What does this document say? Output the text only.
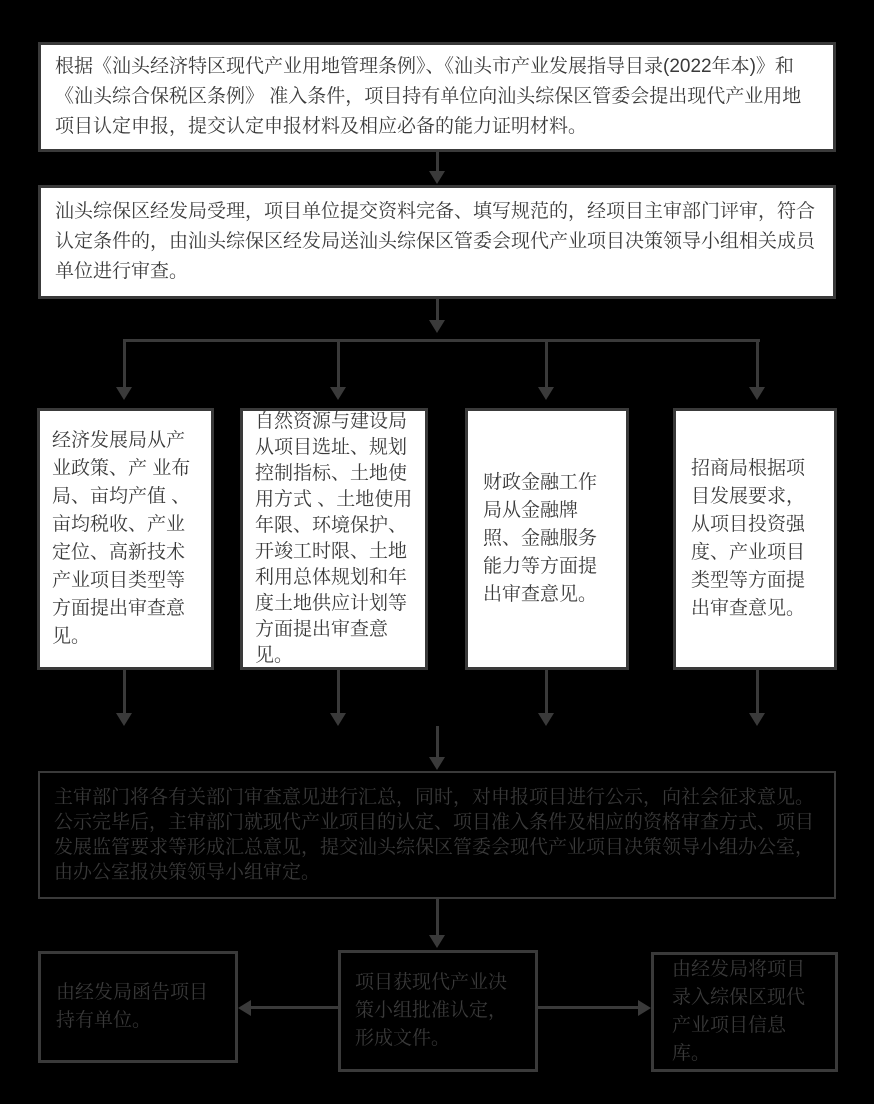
根据《汕头经济特区现代产业用地管理条例》、《汕头市产业发展指导目录(2022年本)》和《汕头综合保税区条例》 准入条件，项目持有单位向汕头综保区管委会提出现代产业用地项目认定申报，提交认定申报材料及相应必备的能力证明材料。

汕头综保区经发局受理，项目单位提交资料完备、填写规范的，经项目主审部门评审，符合认定条件的，由汕头综保区经发局送汕头综保区管委会现代产业项目决策领导小组相关成员单位进行审查。

经济发展局从产业政策、产 业布局、亩均产值 、亩均税收、产业定位、高新技术产业项目类型等方面提出审查意见。

自然资源与建设局从项目选址、规划控制指标、土地使用方式 、土地使用年限、环境保护、开竣工时限、土地利用总体规划和年度土地供应计划等方面提出审查意见。

财政金融工作局从金融牌照、金融服务能力等方面提出审查意见。

招商局根据项目发展要求，从项目投资强度、产业项目类型等方面提出审查意见。

主审部门将各有关部门审查意见进行汇总，同时，对申报项目进行公示，向社会征求意见。公示完毕后，主审部门就现代产业项目的认定、项目准入条件及相应的资格审查方式、项目发展监管要求等形成汇总意见，提交汕头综保区管委会现代产业项目决策领导小组办公室，由办公室报决策领导小组审定。

由经发局函告项目持有单位。

项目获现代产业决策小组批准认定，形成文件。

由经发局将项目录入综保区现代产业项目信息库。
